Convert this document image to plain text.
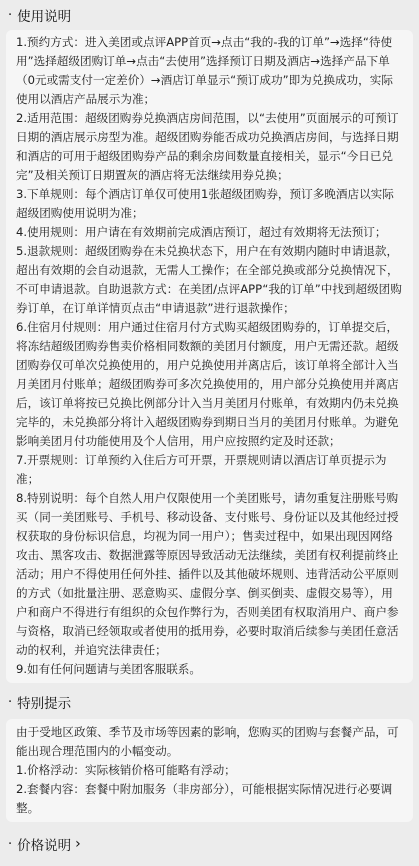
· 使用说明

1.预约方式：进入美团或点评APP首页→点击“我的-我的订单”→选择“待使用”选择超级团购订单→点击“去使用”选择预订日期及酒店→选择产品下单（0元或需支付一定差价）→酒店订单显示“预订成功”即为兑换成功，实际使用以酒店产品展示为准；

2.适用范围：超级团购券兑换酒店房间范围，以“去使用”页面展示的可预订日期的酒店展示房型为准。超级团购券能否成功兑换酒店房间，与选择日期和酒店的可用于超级团购券产品的剩余房间数量直接相关，显示“今日已兑完”及相关预订日期置灰的酒店将无法继续用券兑换；

3.下单规则：每个酒店订单仅可使用1张超级团购券，预订多晚酒店以实际超级团购使用说明为准；

4.使用规则：用户请在有效期前完成酒店预订，超过有效期将无法预订；

5.退款规则：超级团购券在未兑换状态下，用户在有效期内随时申请退款，超出有效期的会自动退款，无需人工操作；在全部兑换或部分兑换情况下，不可申请退款。自助退款方式：在美团/点评APP“我的订单”中找到超级团购券订单，在订单详情页点击“申请退款”进行退款操作；

6.住宿月付规则：用户通过住宿月付方式购买超级团购券的，订单提交后，将冻结超级团购券售卖价格相同数额的美团月付额度，用户无需还款。超级团购券仅可单次兑换使用的，用户兑换使用并离店后，该订单将全部计入当月美团月付账单；超级团购券可多次兑换使用的，用户部分兑换使用并离店后，该订单将按已兑换比例部分计入当月美团月付账单，有效期内仍未兑换完毕的，未兑换部分将计入超级团购券到期日当月的美团月付账单。为避免影响美团月付功能使用及个人信用，用户应按照约定及时还款；

7.开票规则：订单预约入住后方可开票，开票规则请以酒店订单页提示为准；

8.特别说明：每个自然人用户仅限使用一个美团账号，请勿重复注册账号购买（同一美团账号、手机号、移动设备、支付账号、身份证以及其他经过授权获取的身份标识信息，均视为同一用户）；售卖过程中，如果出现因网络攻击、黑客攻击、数据泄露等原因导致活动无法继续，美团有权利提前终止活动；用户不得使用任何外挂、插件以及其他破坏规则、违背活动公平原则的方式（如批量注册、恶意购买、虚假分享、倒买倒卖、虚假交易等），用户和商户不得进行有组织的众包作弊行为，否则美团有权取消用户、商户参与资格，取消已经领取或者使用的抵用券，必要时取消后续参与美团任意活动的权利，并追究法律责任；

9.如有任何问题请与美团客服联系。

· 特别提示

由于受地区政策、季节及市场等因素的影响，您购买的团购与套餐产品，可能出现合理范围内的小幅变动。

1.价格浮动：实际核销价格可能略有浮动；

2.套餐内容：套餐中附加服务（非房部分），可能根据实际情况进行必要调整。

· 价格说明 ›
